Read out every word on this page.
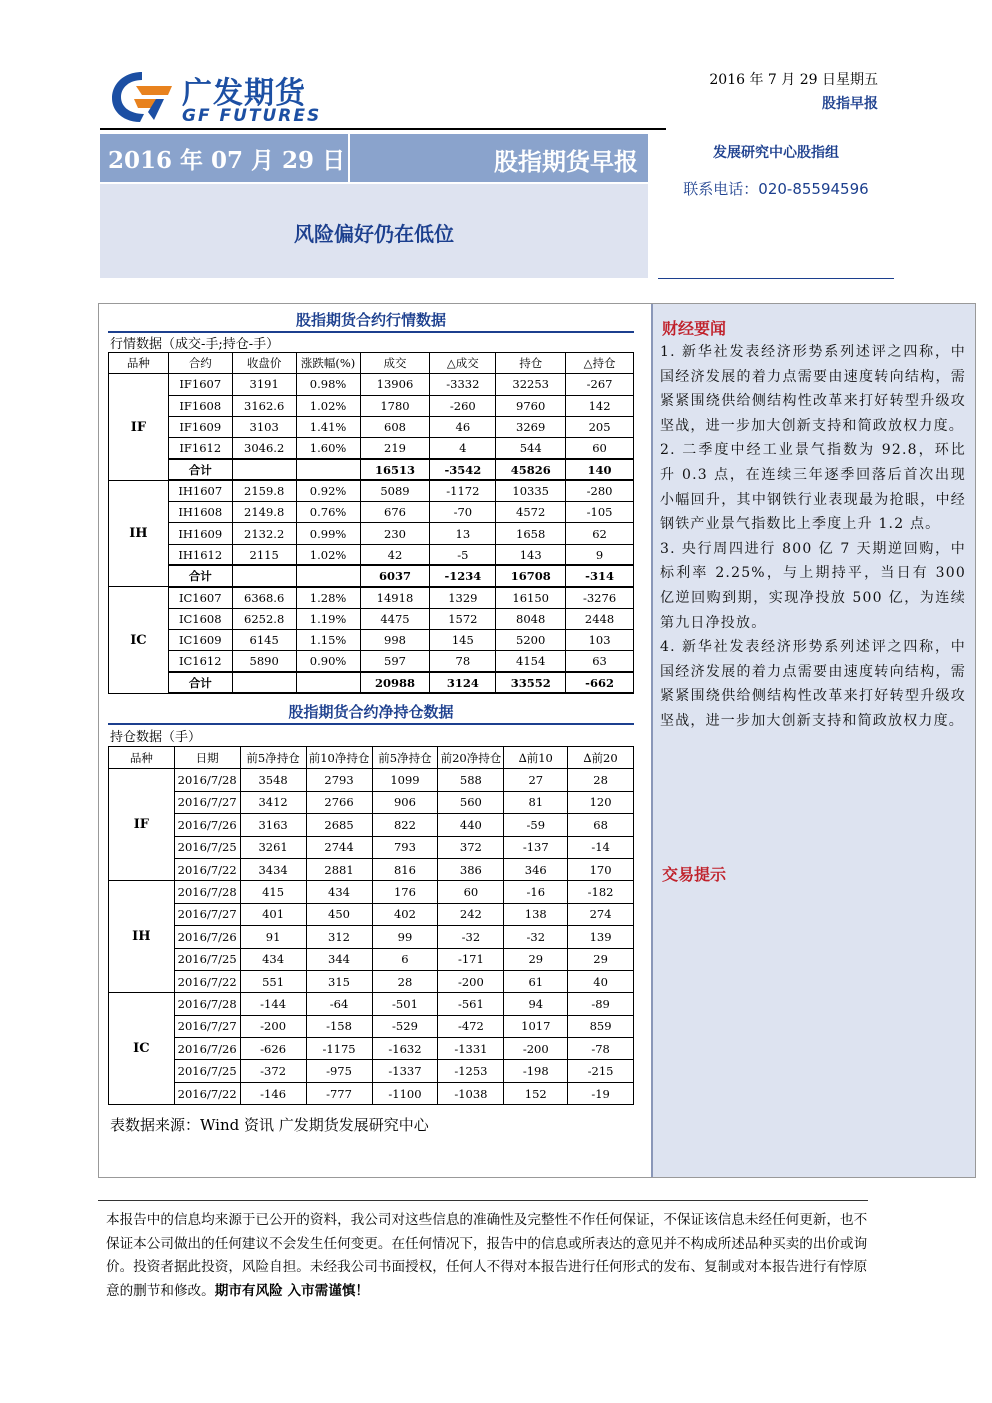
广发期货
GF FUTURES
2016 年 7 月 29 日星期五
股指早报
2016 年 07 月 29 日	股指期货早报
风险偏好仍在低位
发展研究中心股指组
联系电话：020-85594596
股指期货合约行情数据
行情数据（成交-手;持仓-手）
品种	合约	收盘价	涨跌幅(%)	成交	△成交	持仓	△持仓
IF	IF1607	3191	0.98%	13906	-3332	32253	-267
	IF1608	3162.6	1.02%	1780	-260	9760	142
	IF1609	3103	1.41%	608	46	3269	205
	IF1612	3046.2	1.60%	219	4	544	60
	合计			16513	-3542	45826	140
IH	IH1607	2159.8	0.92%	5089	-1172	10335	-280
	IH1608	2149.8	0.76%	676	-70	4572	-105
	IH1609	2132.2	0.99%	230	13	1658	62
	IH1612	2115	1.02%	42	-5	143	9
	合计			6037	-1234	16708	-314
IC	IC1607	6368.6	1.28%	14918	1329	16150	-3276
	IC1608	6252.8	1.19%	4475	1572	8048	2448
	IC1609	6145	1.15%	998	145	5200	103
	IC1612	5890	0.90%	597	78	4154	63
	合计			20988	3124	33552	-662
股指期货合约净持仓数据
持仓数据（手）
品种	日期	前5净持仓	前10净持仓	前5净持仓	前20净持仓	∆前10	∆前20
IF	2016/7/28	3548	2793	1099	588	27	28
	2016/7/27	3412	2766	906	560	81	120
	2016/7/26	3163	2685	822	440	-59	68
	2016/7/25	3261	2744	793	372	-137	-14
	2016/7/22	3434	2881	816	386	346	170
IH	2016/7/28	415	434	176	60	-16	-182
	2016/7/27	401	450	402	242	138	274
	2016/7/26	91	312	99	-32	-32	139
	2016/7/25	434	344	6	-171	29	29
	2016/7/22	551	315	28	-200	61	40
IC	2016/7/28	-144	-64	-501	-561	94	-89
	2016/7/27	-200	-158	-529	-472	1017	859
	2016/7/26	-626	-1175	-1632	-1331	-200	-78
	2016/7/25	-372	-975	-1337	-1253	-198	-215
	2016/7/22	-146	-777	-1100	-1038	152	-19
表数据来源：Wind 资讯 广发期货发展研究中心
财经要闻

1. 新华社发表经济形势系列述评之四称，中国经济发展的着力点需要由速度转向结构，需紧紧围绕供给侧结构性改革来打好转型升级攻坚战，进一步加大创新支持和简政放权力度。

2. 二季度中经工业景气指数为 92.8，环比升 0.3 点，在连续三年逐季回落后首次出现小幅回升，其中钢铁行业表现最为抢眼，中经钢铁产业景气指数比上季度上升 1.2 点。

3. 央行周四进行 800 亿 7 天期逆回购，中标利率 2.25%，与上期持平，当日有 300 亿逆回购到期，实现净投放 500 亿，为连续第九日净投放。

4. 新华社发表经济形势系列述评之四称，中国经济发展的着力点需要由速度转向结构，需紧紧围绕供给侧结构性改革来打好转型升级攻坚战，进一步加大创新支持和简政放权力度。

交易提示
本报告中的信息均来源于已公开的资料，我公司对这些信息的准确性及完整性不作任何保证，不保证该信息未经任何更新，也不保证本公司做出的任何建议不会发生任何变更。在任何情况下，报告中的信息或所表达的意见并不构成所述品种买卖的出价或询价。投资者据此投资，风险自担。未经我公司书面授权，任何人不得对本报告进行任何形式的发布、复制或对本报告进行有悖原意的删节和修改。期市有风险 入市需谨慎！
